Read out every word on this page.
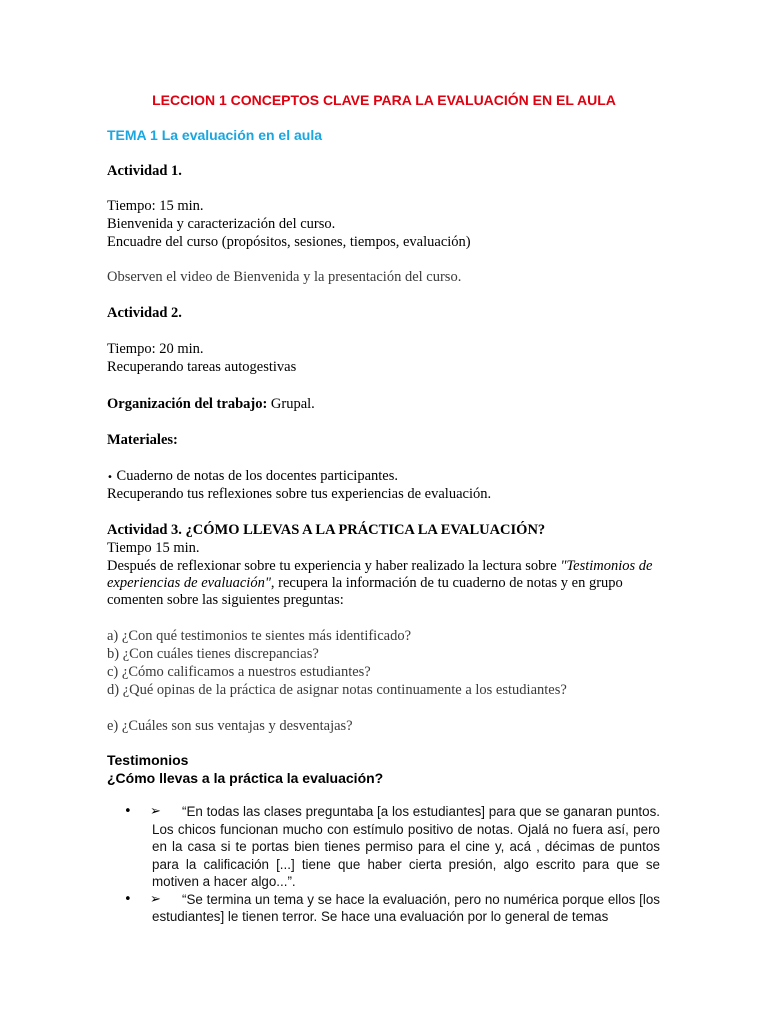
LECCION 1 CONCEPTOS CLAVE PARA LA EVALUACIÓN EN EL AULA
TEMA 1 La evaluación en el aula
Actividad 1.
Tiempo: 15 min.
Bienvenida y caracterización del curso.
Encuadre del curso (propósitos, sesiones, tiempos, evaluación)
Observen el video de Bienvenida y la presentación del curso.
Actividad 2.
Tiempo: 20 min.
Recuperando tareas autogestivas
Organización del trabajo: Grupal.
Materiales:
• Cuaderno de notas de los docentes participantes.
Recuperando tus reflexiones sobre tus experiencias de evaluación.
Actividad 3. ¿CÓMO LLEVAS A LA PRÁCTICA LA EVALUACIÓN?
Tiempo 15 min.
Después de reflexionar sobre tu experiencia y haber realizado la lectura sobre "Testimonios de experiencias de evaluación", recupera la información de tu cuaderno de notas y en grupo comenten sobre las siguientes preguntas:
a) ¿Con qué testimonios te sientes más identificado?
b) ¿Con cuáles tienes discrepancias?
c) ¿Cómo calificamos a nuestros estudiantes?
d) ¿Qué opinas de la práctica de asignar notas continuamente a los estudiantes?
e) ¿Cuáles son sus ventajas y desventajas?
Testimonios
¿Cómo llevas a la práctica la evaluación?
• ➢	“En todas las clases preguntaba [a los estudiantes] para que se ganaran puntos. Los chicos funcionan mucho con estímulo positivo de notas. Ojalá no fuera así, pero en la casa si te portas bien tienes permiso para el cine y, acá , décimas de puntos para la calificación [...] tiene que haber cierta presión, algo escrito para que se motiven a hacer algo...”.
• ➢	“Se termina un tema y se hace la evaluación, pero no numérica porque ellos [los estudiantes] le tienen terror. Se hace una evaluación por lo general de temas
